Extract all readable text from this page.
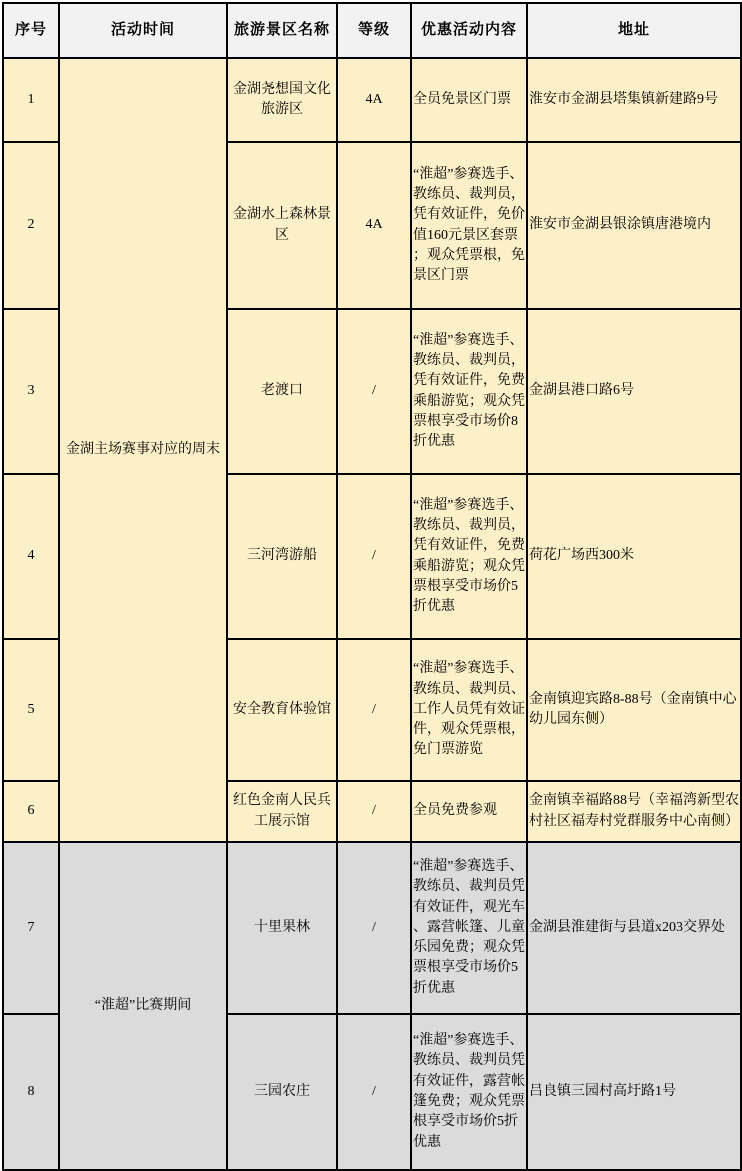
序号	活动时间	旅游景区名称	等级	优惠活动内容	地址
1	金湖主场赛事对应的周末	金湖尧想国文化旅游区	4A	全员免景区门票	淮安市金湖县塔集镇新建路9号
2		金湖水上森林景区	4A	“淮超”参赛选手、教练员、裁判员，凭有效证件，免价值160元景区套票；观众凭票根，免景区门票	淮安市金湖县银涂镇唐港境内
3		老渡口	/	“淮超”参赛选手、教练员、裁判员，凭有效证件，免费乘船游览；观众凭票根享受市场价8折优惠	金湖县港口路6号
4		三河湾游船	/	“淮超”参赛选手、教练员、裁判员，凭有效证件，免费乘船游览；观众凭票根享受市场价5折优惠	荷花广场西300米
5		安全教育体验馆	/	“淮超”参赛选手、教练员、裁判员、工作人员凭有效证件，观众凭票根，免门票游览	金南镇迎宾路8-88号（金南镇中心幼儿园东侧）
6		红色金南人民兵工展示馆	/	全员免费参观	金南镇幸福路88号（幸福湾新型农村社区福寿村党群服务中心南侧）
7	“淮超”比赛期间	十里果林	/	“淮超”参赛选手、教练员、裁判员凭有效证件，观光车、露营帐篷、儿童乐园免费；观众凭票根享受市场价5折优惠	金湖县淮建街与县道x203交界处
8		三园农庄	/	“淮超”参赛选手、教练员、裁判员凭有效证件，露营帐篷免费；观众凭票根享受市场价5折优惠	吕良镇三园村高圩路1号
